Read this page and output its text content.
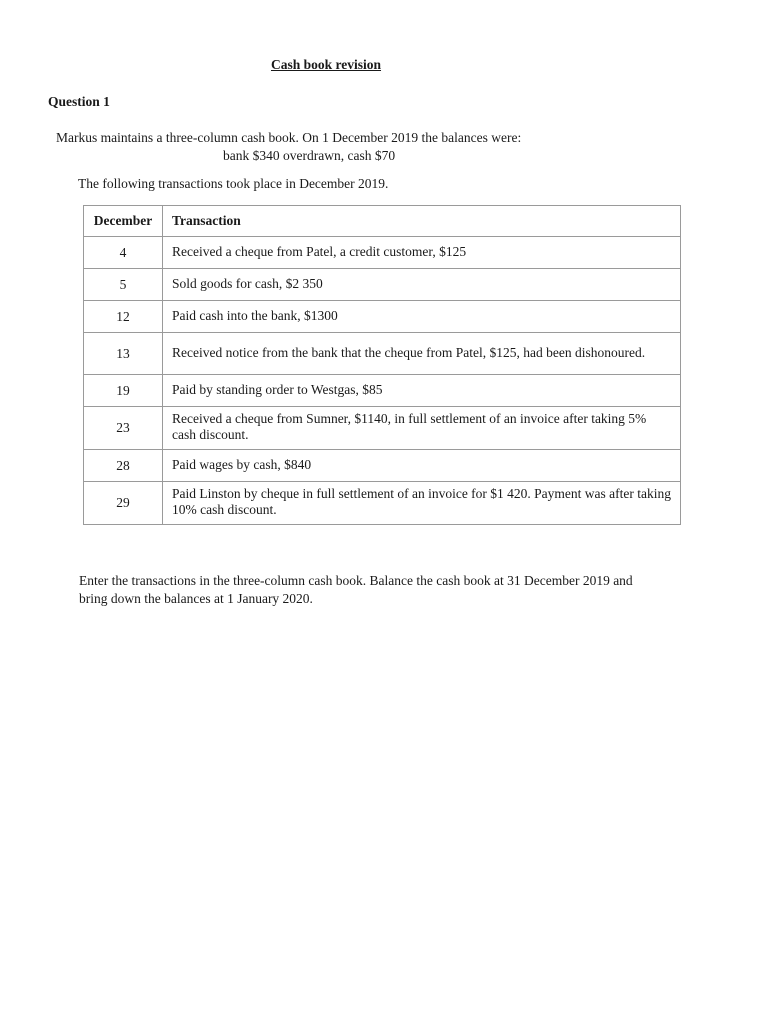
Cash book revision
Question 1
Markus maintains a three-column cash book. On 1 December 2019 the balances were:
bank $340 overdrawn, cash $70
The following transactions took place in December 2019.
December	Transaction
4	Received a cheque from Patel, a credit customer, $125
5	Sold goods for cash, $2 350
12	Paid cash into the bank, $1300
13	Received notice from the bank that the cheque from Patel, $125, had been dishonoured.
19	Paid by standing order to Westgas, $85
23	Received a cheque from Sumner, $1140, in full settlement of an invoice after taking 5% cash discount.
28	Paid wages by cash, $840
29	Paid Linston by cheque in full settlement of an invoice for $1 420. Payment was after taking 10% cash discount.
Enter the transactions in the three-column cash book. Balance the cash book at 31 December 2019 and bring down the balances at 1 January 2020.
